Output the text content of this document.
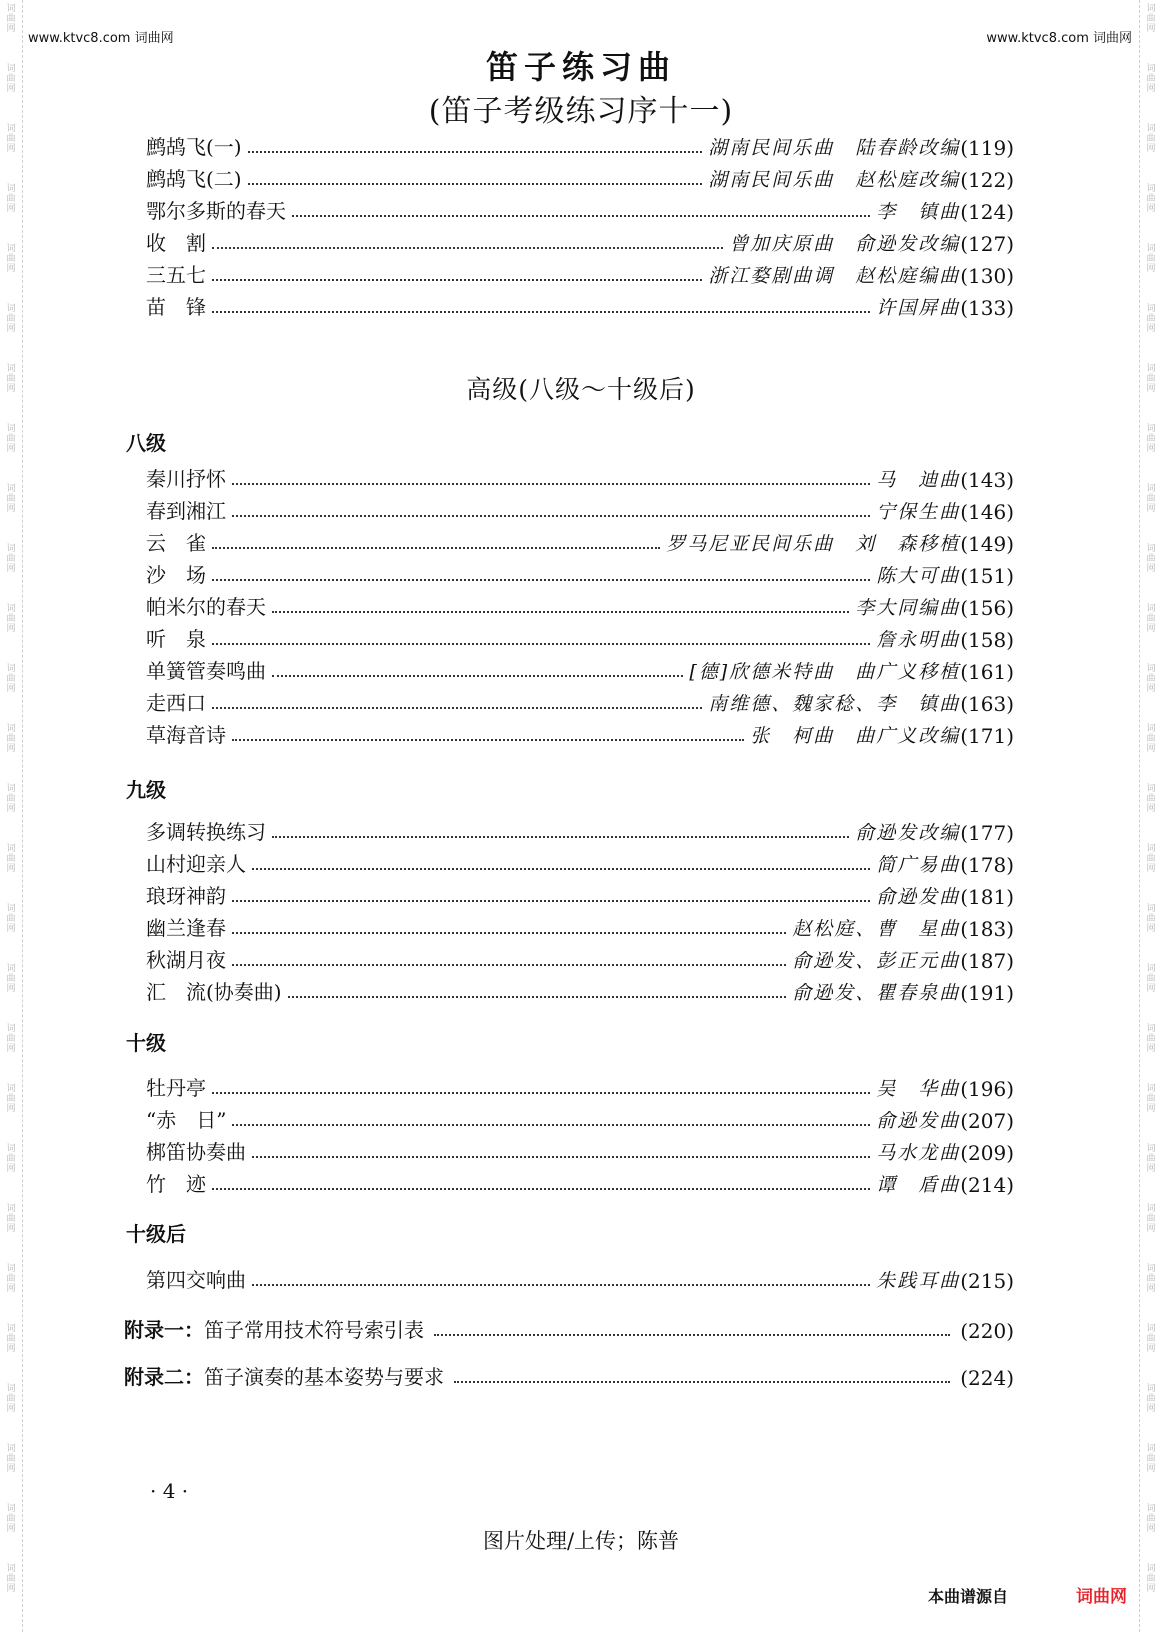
词
曲
网
词
曲
网
词
曲
网
词
曲
网
词
曲
网
词
曲
网
词
曲
网
词
曲
网
词
曲
网
词
曲
网
词
曲
网
词
曲
网
词
曲
网
词
曲
网
词
曲
网
词
曲
网
词
曲
网
词
曲
网
词
曲
网
词
曲
网
词
曲
网
词
曲
网
词
曲
网
词
曲
网
词
曲
网
词
曲
网
词
曲
网
词
曲
网
词
曲
网
词
曲
网
词
曲
网
词
曲
网
词
曲
网
词
曲
网
词
曲
网
词
曲
网
词
曲
网
词
曲
网
词
曲
网
词
曲
网
词
曲
网
词
曲
网
词
曲
网
词
曲
网
词
曲
网
词
曲
网
词
曲
网
词
曲
网
词
曲
网
词
曲
网
词
曲
网
词
曲
网
词
曲
网
词
曲
网
www.ktvc8.com 词曲网	www.ktvc8.com 词曲网
笛子练习曲
(笛子考级练习序十一)
鹧鸪飞(一)	湖南民间乐曲　陆春龄改编 (119)
鹧鸪飞(二)	湖南民间乐曲　赵松庭改编 (122)
鄂尔多斯的春天	李　镇曲 (124)
收　割	曾加庆原曲　俞逊发改编 (127)
三五七	浙江婺剧曲调　赵松庭编曲 (130)
苗　锋	许国屏曲 (133)
八级
秦川抒怀	马　迪曲 (143)
春到湘江	宁保生曲 (146)
云　雀	罗马尼亚民间乐曲　刘　森移植 (149)
沙　场	陈大可曲 (151)
帕米尔的春天	李大同编曲 (156)
听　泉	詹永明曲 (158)
单簧管奏鸣曲	[德]欣德米特曲　曲广义移植 (161)
走西口	南维德、魏家稔、李　镇曲 (163)
草海音诗	张　柯曲　曲广义改编 (171)
九级
多调转换练习	俞逊发改编 (177)
山村迎亲人	简广易曲 (178)
琅玡神韵	俞逊发曲 (181)
幽兰逢春	赵松庭、曹　星曲 (183)
秋湖月夜	俞逊发、彭正元曲 (187)
汇　流(协奏曲)	俞逊发、瞿春泉曲 (191)
十级
牡丹亭	吴　华曲 (196)
“赤　日”	俞逊发曲 (207)
梆笛协奏曲	马水龙曲 (209)
竹　迹	谭　盾曲 (214)
十级后
第四交响曲	朱践耳曲 (215)
附录一： 笛子常用技术符号索引表	(220)
附录二： 笛子演奏的基本姿势与要求	(224)
高级(八级～十级后)
· 4 ·
图片处理/上传；陈普
本曲谱源自	词曲网
